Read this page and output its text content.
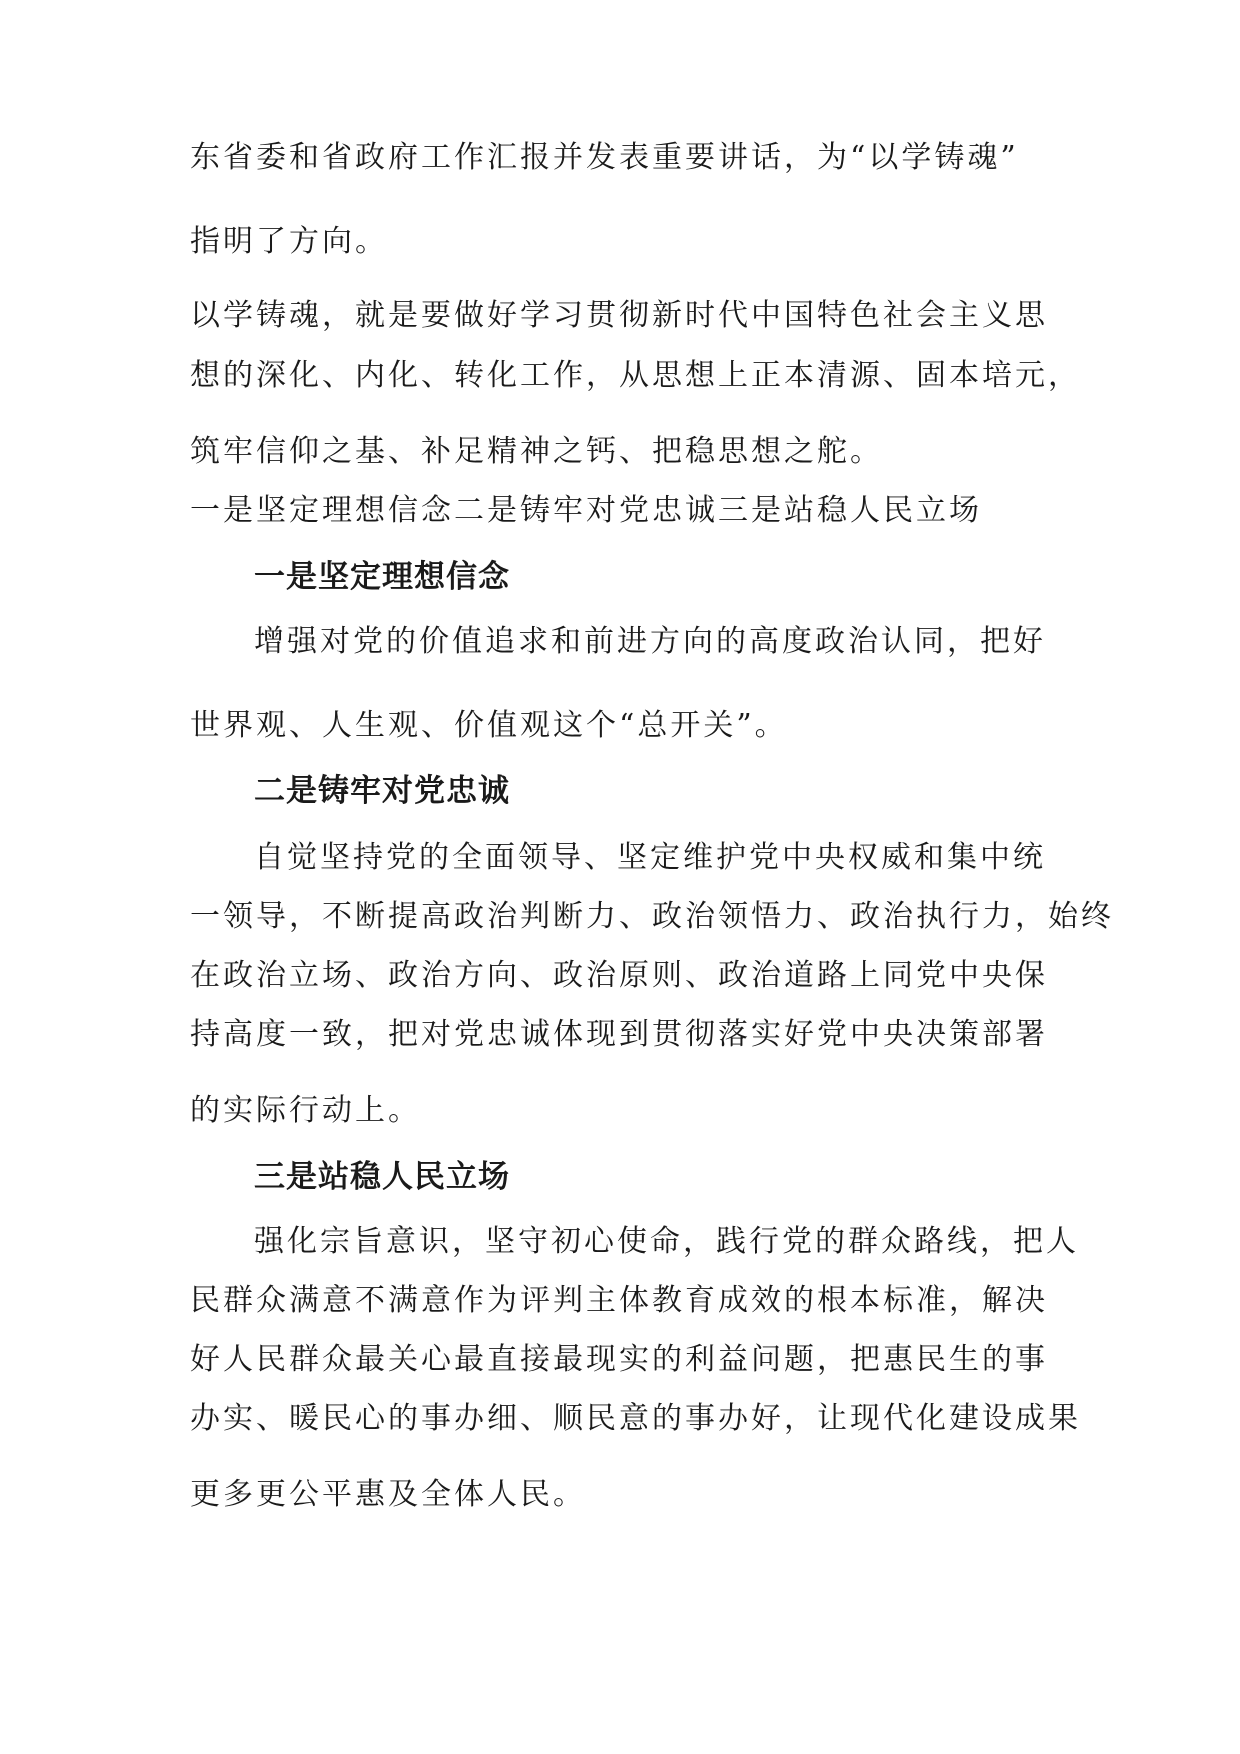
东省委和省政府工作汇报并发表重要讲话，为“以学铸魂”
指明了方向。
以学铸魂，就是要做好学习贯彻新时代中国特色社会主义思
想的深化、内化、转化工作，从思想上正本清源、固本培元，
筑牢信仰之基、补足精神之钙、把稳思想之舵。
一是坚定理想信念二是铸牢对党忠诚三是站稳人民立场
一是坚定理想信念
增强对党的价值追求和前进方向的高度政治认同，把好
世界观、人生观、价值观这个“总开关”。
二是铸牢对党忠诚
自觉坚持党的全面领导、坚定维护党中央权威和集中统
一领导，不断提高政治判断力、政治领悟力、政治执行力，始终
在政治立场、政治方向、政治原则、政治道路上同党中央保
持高度一致，把对党忠诚体现到贯彻落实好党中央决策部署
的实际行动上。
三是站稳人民立场
强化宗旨意识，坚守初心使命，践行党的群众路线，把人
民群众满意不满意作为评判主体教育成效的根本标准，解决
好人民群众最关心最直接最现实的利益问题，把惠民生的事
办实、暖民心的事办细、顺民意的事办好，让现代化建设成果
更多更公平惠及全体人民。
